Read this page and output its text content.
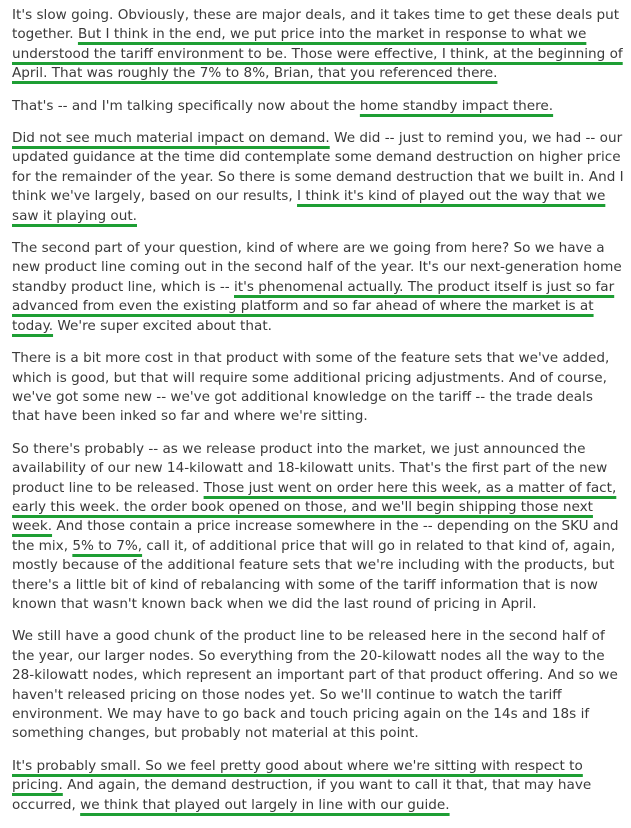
It's slow going. Obviously, these are major deals, and it takes time to get these deals put together. But I think in the end, we put price into the market in response to what we understood the tariff environment to be. Those were effective, I think, at the beginning of April. That was roughly the 7% to 8%, Brian, that you referenced there.

That's -- and I'm talking specifically now about the home standby impact there.

Did not see much material impact on demand. We did -- just to remind you, we had -- our updated guidance at the time did contemplate some demand destruction on higher price for the remainder of the year. So there is some demand destruction that we built in. And I think we've largely, based on our results, I think it's kind of played out the way that we saw it playing out.

The second part of your question, kind of where are we going from here? So we have a new product line coming out in the second half of the year. It's our next-generation home standby product line, which is -- it's phenomenal actually. The product itself is just so far advanced from even the existing platform and so far ahead of where the market is at today. We're super excited about that.

There is a bit more cost in that product with some of the feature sets that we've added, which is good, but that will require some additional pricing adjustments. And of course, we've got some new -- we've got additional knowledge on the tariff -- the trade deals that have been inked so far and where we're sitting.

So there's probably -- as we release product into the market, we just announced the availability of our new 14-kilowatt and 18-kilowatt units. That's the first part of the new product line to be released. Those just went on order here this week, as a matter of fact, early this week. the order book opened on those, and we'll begin shipping those next week. And those contain a price increase somewhere in the -- depending on the SKU and the mix, 5% to 7%, call it, of additional price that will go in related to that kind of, again, mostly because of the additional feature sets that we're including with the products, but there's a little bit of kind of rebalancing with some of the tariff information that is now known that wasn't known back when we did the last round of pricing in April.

We still have a good chunk of the product line to be released here in the second half of the year, our larger nodes. So everything from the 20-kilowatt nodes all the way to the 28-kilowatt nodes, which represent an important part of that product offering. And so we haven't released pricing on those nodes yet. So we'll continue to watch the tariff environment. We may have to go back and touch pricing again on the 14s and 18s if something changes, but probably not material at this point.

It's probably small. So we feel pretty good about where we're sitting with respect to pricing. And again, the demand destruction, if you want to call it that, that may have occurred, we think that played out largely in line with our guide.
